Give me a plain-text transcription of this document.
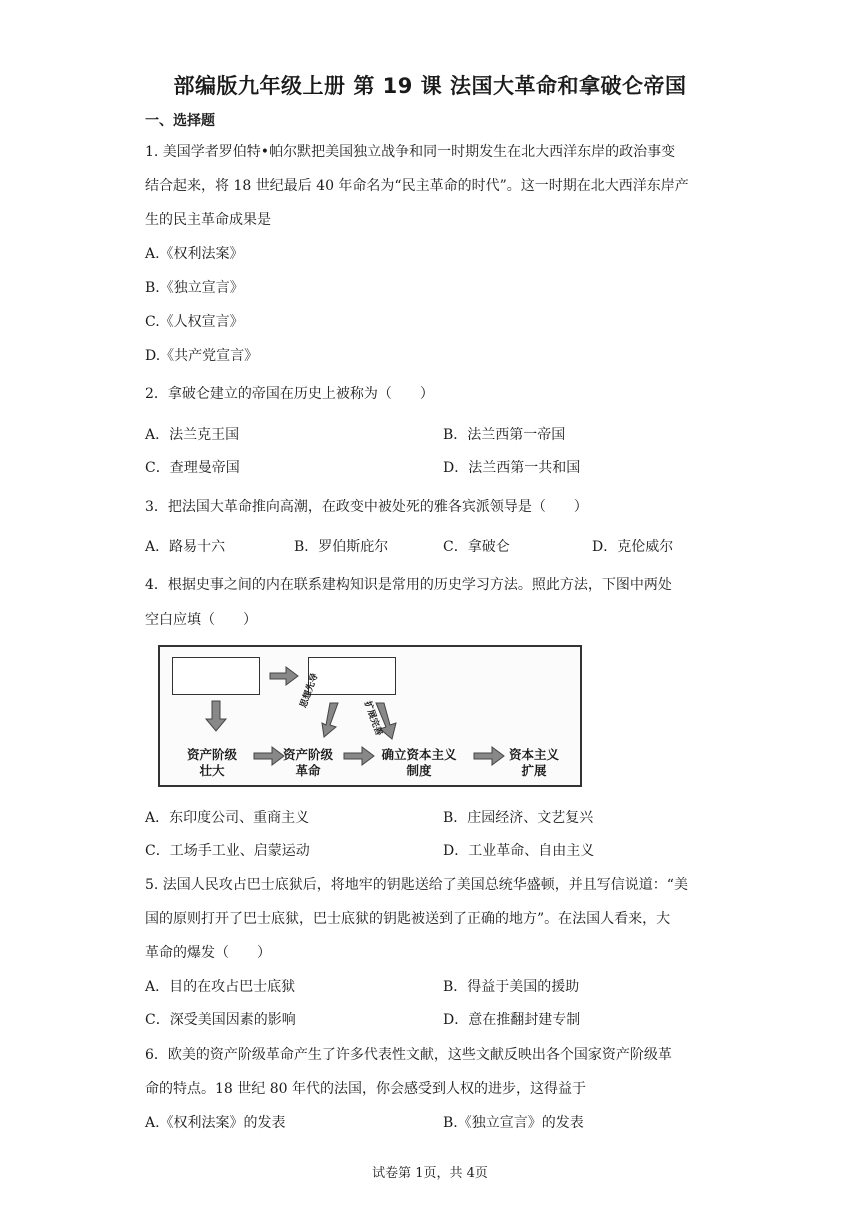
部编版九年级上册 第 19 课 法国大革命和拿破仑帝国
一、选择题
1. 美国学者罗伯特•帕尔默把美国独立战争和同一时期发生在北大西洋东岸的政治事变
结合起来，将 18 世纪最后 40 年命名为“民主革命的时代”。这一时期在北大西洋东岸产
生的民主革命成果是
A.《权利法案》
B.《独立宣言》
C.《人权宣言》
D.《共产党宣言》
2．拿破仑建立的帝国在历史上被称为（　　）
A．法兰克王国	B．法兰西第一帝国
C．查理曼帝国	D．法兰西第一共和国
3．把法国大革命推向高潮，在政变中被处死的雅各宾派领导是（　　）
A．路易十六	B．罗伯斯庇尔	C．拿破仑	D．克伦威尔
4．根据史事之间的内在联系建构知识是常用的历史学习方法。照此方法，下图中两处
空白应填（　　）
思想先导
扩展完善
资产阶级
壮大
资产阶级
革命
确立资本主义
制度
资本主义
扩展
A．东印度公司、重商主义	B．庄园经济、文艺复兴
C．工场手工业、启蒙运动	D．工业革命、自由主义
5. 法国人民攻占巴士底狱后，将地牢的钥匙送给了美国总统华盛顿，并且写信说道：“美
国的原则打开了巴士底狱，巴士底狱的钥匙被送到了正确的地方”。在法国人看来，大
革命的爆发（　　）
A．目的在攻占巴士底狱	B．得益于美国的援助
C．深受美国因素的影响	D．意在推翻封建专制
6．欧美的资产阶级革命产生了许多代表性文献，这些文献反映出各个国家资产阶级革
命的特点。18 世纪 80 年代的法国，你会感受到人权的进步，这得益于
A.《权利法案》的发表	B.《独立宣言》的发表
试卷第 1页，共 4页
